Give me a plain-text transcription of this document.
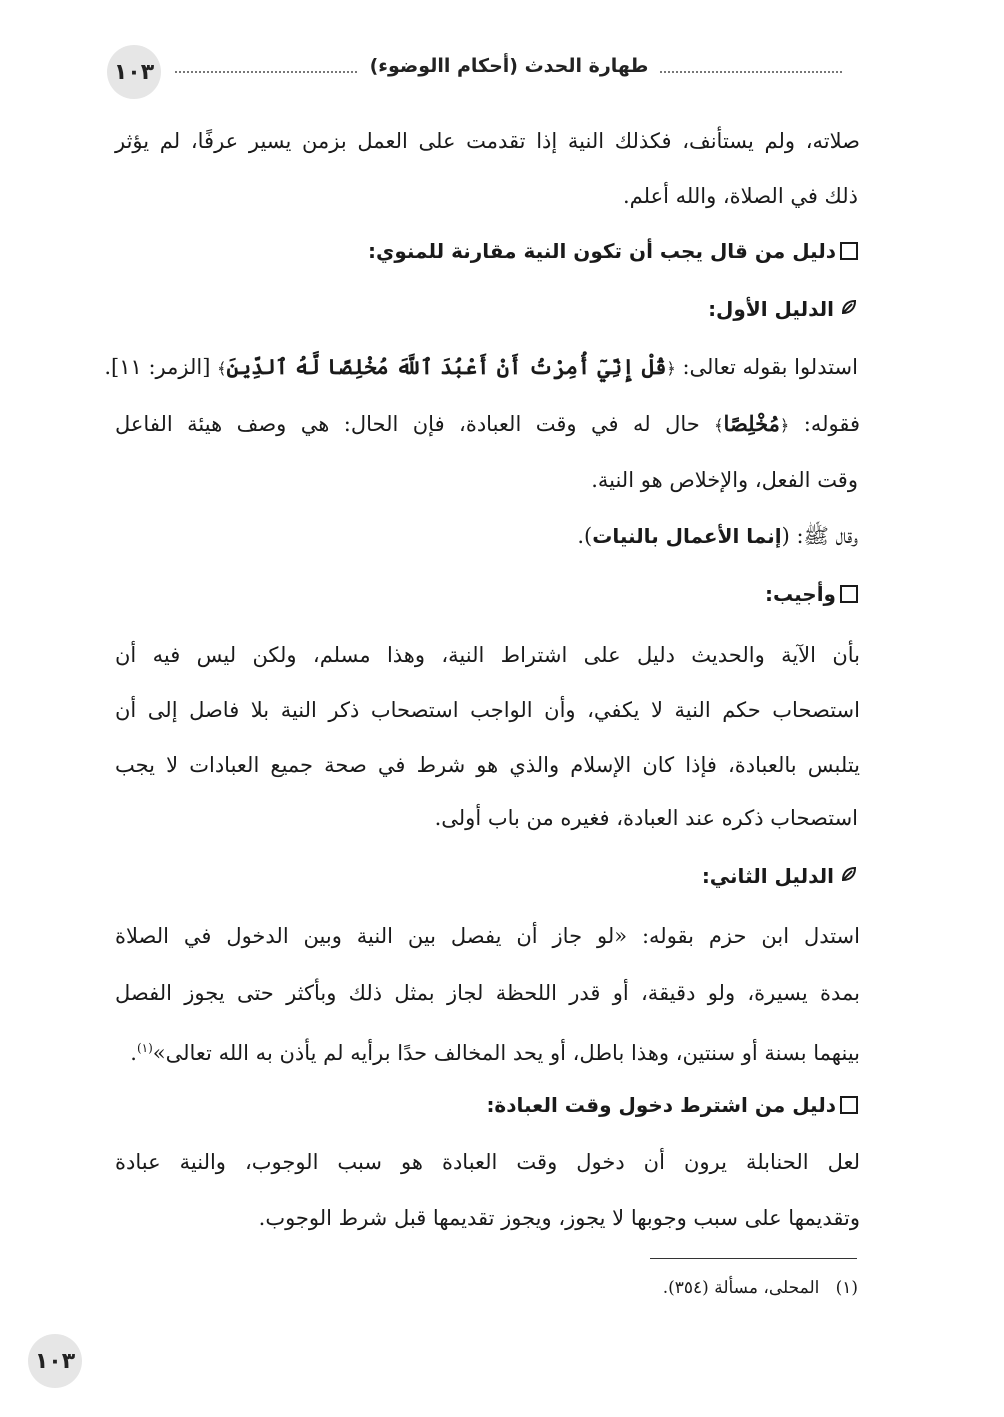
١٠٣	طهارة الحدث (أحكام االوضوء)
صلاته، ولم يستأنف، فكذلك النية إذا تقدمت على العمل بزمن يسير عرفًا، لم يؤثر
ذلك في الصلاة، والله أعلم.
دليل من قال يجب أن تكون النية مقارنة للمنوي:
الدليل الأول:
استدلوا بقوله تعالى: ﴿قُلْ إِنِّيٓ أُمِرْتُ أَنْ أَعْبُدَ ٱللَّهَ مُخْلِصًا لَّهُ ٱلدِّينَ﴾ [الزمر: ١١].
فقوله: ﴿مُخْلِصًا﴾ حال له في وقت العبادة، فإن الحال: هي وصف هيئة الفاعل
وقت الفعل، والإخلاص هو النية.
وقال ﷺ: (إنما الأعمال بالنيات).
وأجيب:
بأن الآية والحديث دليل على اشتراط النية، وهذا مسلم، ولكن ليس فيه أن
استصحاب حكم النية لا يكفي، وأن الواجب استصحاب ذكر النية بلا فاصل إلى أن
يتلبس بالعبادة، فإذا كان الإسلام والذي هو شرط في صحة جميع العبادات لا يجب
استصحاب ذكره عند العبادة، فغيره من باب أولى.
الدليل الثاني:
استدل ابن حزم بقوله: «لو جاز أن يفصل بين النية وبين الدخول في الصلاة
بمدة يسيرة، ولو دقيقة، أو قدر اللحظة لجاز بمثل ذلك وبأكثر حتى يجوز الفصل
بينهما بسنة أو سنتين، وهذا باطل، أو يحد المخالف حدًا برأيه لم يأذن به الله تعالى»$^{(١)}$.
دليل من اشترط دخول وقت العبادة:
لعل الحنابلة يرون أن دخول وقت العبادة هو سبب الوجوب، والنية عبادة
وتقديمها على سبب وجوبها لا يجوز، ويجوز تقديمها قبل شرط الوجوب.
(١)   المحلى، مسألة (٣٥٤).
١٠٣
